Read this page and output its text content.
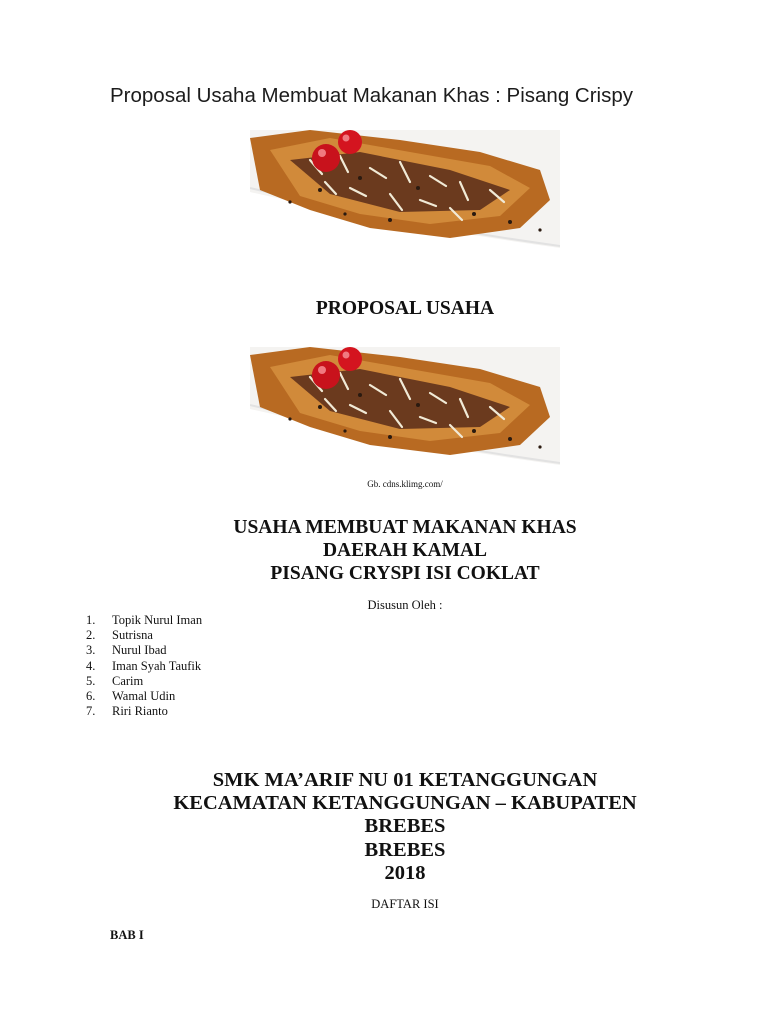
Proposal Usaha Membuat Makanan Khas : Pisang Crispy
PROPOSAL USAHA
Gb. cdns.klimg.com/
USAHA MEMBUAT MAKANAN KHAS
DAERAH KAMAL
PISANG CRYSPI ISI COKLAT
Disusun Oleh :
1. Topik Nurul Iman
2. Sutrisna
3. Nurul Ibad
4. Iman Syah Taufik
5. Carim
6. Wamal Udin
7. Riri Rianto
SMK MA’ARIF NU 01 KETANGGUNGAN
KECAMATAN KETANGGUNGAN – KABUPATEN
BREBES
BREBES
2018
DAFTAR ISI
BAB I
